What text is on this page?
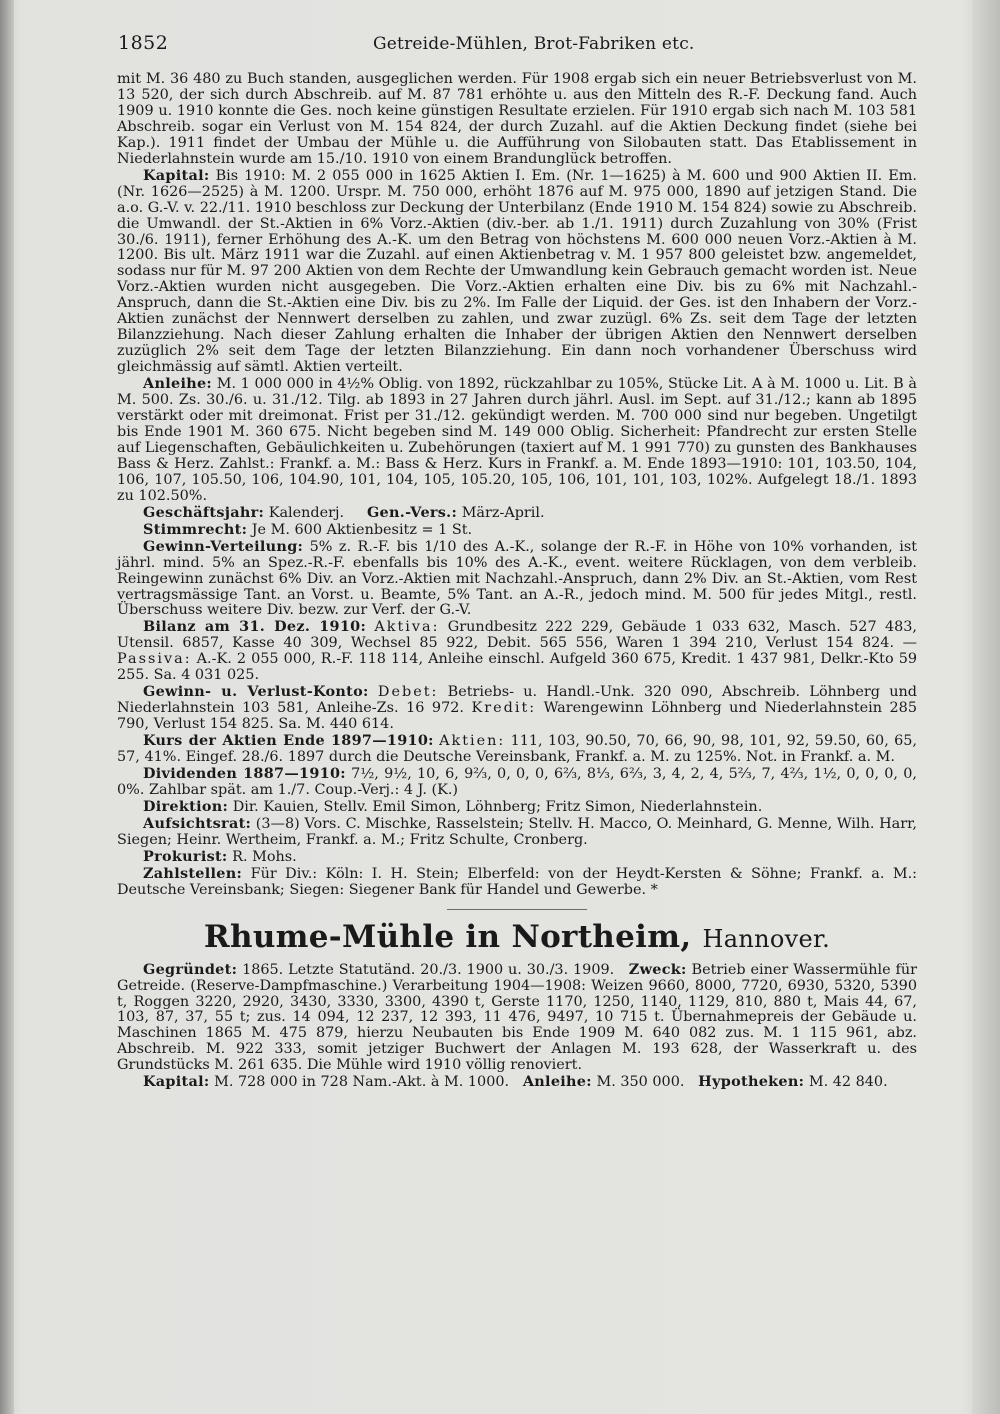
1852	Getreide-Mühlen, Brot-Fabriken etc.

mit M. 36 480 zu Buch standen, ausgeglichen werden. Für 1908 ergab sich ein neuer Betriebsverlust von M. 13 520, der sich durch Abschreib. auf M. 87 781 erhöhte u. aus den Mitteln des R.-F. Deckung fand. Auch 1909 u. 1910 konnte die Ges. noch keine günstigen Resultate erzielen. Für 1910 ergab sich nach M. 103 581 Abschreib. sogar ein Verlust von M. 154 824, der durch Zuzahl. auf die Aktien Deckung findet (siehe bei Kap.). 1911 findet der Umbau der Mühle u. die Aufführung von Silobauten statt. Das Etablissement in Niederlahnstein wurde am 15./10. 1910 von einem Brandunglück betroffen.

Kapital: Bis 1910: M. 2 055 000 in 1625 Aktien I. Em. (Nr. 1—1625) à M. 600 und 900 Aktien II. Em. (Nr. 1626—2525) à M. 1200. Urspr. M. 750 000, erhöht 1876 auf M. 975 000, 1890 auf jetzigen Stand. Die a.o. G.-V. v. 22./11. 1910 beschloss zur Deckung der Unterbilanz (Ende 1910 M. 154 824) sowie zu Abschreib. die Umwandl. der St.-Aktien in 6% Vorz.-Aktien (div.-ber. ab 1./1. 1911) durch Zuzahlung von 30% (Frist 30./6. 1911), ferner Erhöhung des A.-K. um den Betrag von höchstens M. 600 000 neuen Vorz.-Aktien à M. 1200. Bis ult. März 1911 war die Zuzahl. auf einen Aktienbetrag v. M. 1 957 800 geleistet bzw. angemeldet, sodass nur für M. 97 200 Aktien von dem Rechte der Umwandlung kein Gebrauch gemacht worden ist. Neue Vorz.-Aktien wurden nicht ausgegeben. Die Vorz.-Aktien erhalten eine Div. bis zu 6% mit Nachzahl.-Anspruch, dann die St.-Aktien eine Div. bis zu 2%. Im Falle der Liquid. der Ges. ist den Inhabern der Vorz.-Aktien zunächst der Nennwert derselben zu zahlen, und zwar zuzügl. 6% Zs. seit dem Tage der letzten Bilanzziehung. Nach dieser Zahlung erhalten die Inhaber der übrigen Aktien den Nennwert derselben zuzüglich 2% seit dem Tage der letzten Bilanzziehung. Ein dann noch vorhandener Überschuss wird gleichmässig auf sämtl. Aktien verteilt.

Anleihe: M. 1 000 000 in 4½% Oblig. von 1892, rückzahlbar zu 105%, Stücke Lit. A à M. 1000 u. Lit. B à M. 500. Zs. 30./6. u. 31./12. Tilg. ab 1893 in 27 Jahren durch jährl. Ausl. im Sept. auf 31./12.; kann ab 1895 verstärkt oder mit dreimonat. Frist per 31./12. gekündigt werden. M. 700 000 sind nur begeben. Ungetilgt bis Ende 1901 M. 360 675. Nicht begeben sind M. 149 000 Oblig. Sicherheit: Pfandrecht zur ersten Stelle auf Liegenschaften, Gebäulichkeiten u. Zubehörungen (taxiert auf M. 1 991 770) zu gunsten des Bankhauses Bass & Herz. Zahlst.: Frankf. a. M.: Bass & Herz. Kurs in Frankf. a. M. Ende 1893—1910: 101, 103.50, 104, 106, 107, 105.50, 106, 104.90, 101, 104, 105, 105.20, 105, 106, 101, 101, 103, 102%. Aufgelegt 18./1. 1893 zu 102.50%.

Geschäftsjahr: Kalenderj. Gen.-Vers.: März-April.

Stimmrecht: Je M. 600 Aktienbesitz = 1 St.

Gewinn-Verteilung: 5% z. R.-F. bis 1/10 des A.-K., solange der R.-F. in Höhe von 10% vorhanden, ist jährl. mind. 5% an Spez.-R.-F. ebenfalls bis 10% des A.-K., event. weitere Rücklagen, von dem verbleib. Reingewinn zunächst 6% Div. an Vorz.-Aktien mit Nachzahl.-Anspruch, dann 2% Div. an St.-Aktien, vom Rest vertragsmässige Tant. an Vorst. u. Beamte, 5% Tant. an A.-R., jedoch mind. M. 500 für jedes Mitgl., restl. Überschuss weitere Div. bezw. zur Verf. der G.-V.

Bilanz am 31. Dez. 1910: Aktiva: Grundbesitz 222 229, Gebäude 1 033 632, Masch. 527 483, Utensil. 6857, Kasse 40 309, Wechsel 85 922, Debit. 565 556, Waren 1 394 210, Verlust 154 824. — Passiva: A.-K. 2 055 000, R.-F. 118 114, Anleihe einschl. Aufgeld 360 675, Kredit. 1 437 981, Delkr.-Kto 59 255. Sa. 4 031 025.

Gewinn- u. Verlust-Konto: Debet: Betriebs- u. Handl.-Unk. 320 090, Abschreib. Löhnberg und Niederlahnstein 103 581, Anleihe-Zs. 16 972. Kredit: Warengewinn Löhnberg und Niederlahnstein 285 790, Verlust 154 825. Sa. M. 440 614.

Kurs der Aktien Ende 1897—1910: Aktien: 111, 103, 90.50, 70, 66, 90, 98, 101, 92, 59.50, 60, 65, 57, 41%. Eingef. 28./6. 1897 durch die Deutsche Vereinsbank, Frankf. a. M. zu 125%. Not. in Frankf. a. M.

Dividenden 1887—1910: 7½, 9½, 10, 6, 9⅔, 0, 0, 0, 6⅔, 8⅓, 6⅔, 3, 4, 2, 4, 5⅔, 7, 4⅔, 1½, 0, 0, 0, 0, 0%. Zahlbar spät. am 1./7. Coup.-Verj.: 4 J. (K.)

Direktion: Dir. Kauien, Stellv. Emil Simon, Löhnberg; Fritz Simon, Niederlahnstein.

Aufsichtsrat: (3—8) Vors. C. Mischke, Rasselstein; Stellv. H. Macco, O. Meinhard, G. Menne, Wilh. Harr, Siegen; Heinr. Wertheim, Frankf. a. M.; Fritz Schulte, Cronberg.

Prokurist: R. Mohs.

Zahlstellen: Für Div.: Köln: I. H. Stein; Elberfeld: von der Heydt-Kersten & Söhne; Frankf. a. M.: Deutsche Vereinsbank; Siegen: Siegener Bank für Handel und Gewerbe. *

Rhume-Mühle in Northeim, Hannover.

Gegründet: 1865. Letzte Statutänd. 20./3. 1900 u. 30./3. 1909. Zweck: Betrieb einer Wassermühle für Getreide. (Reserve-Dampfmaschine.) Verarbeitung 1904—1908: Weizen 9660, 8000, 7720, 6930, 5320, 5390 t, Roggen 3220, 2920, 3430, 3330, 3300, 4390 t, Gerste 1170, 1250, 1140, 1129, 810, 880 t, Mais 44, 67, 103, 87, 37, 55 t; zus. 14 094, 12 237, 12 393, 11 476, 9497, 10 715 t. Übernahmepreis der Gebäude u. Maschinen 1865 M. 475 879, hierzu Neubauten bis Ende 1909 M. 640 082 zus. M. 1 115 961, abz. Abschreib. M. 922 333, somit jetziger Buchwert der Anlagen M. 193 628, der Wasserkraft u. des Grundstücks M. 261 635. Die Mühle wird 1910 völlig renoviert.

Kapital: M. 728 000 in 728 Nam.-Akt. à M. 1000. Anleihe: M. 350 000. Hypotheken: M. 42 840.
